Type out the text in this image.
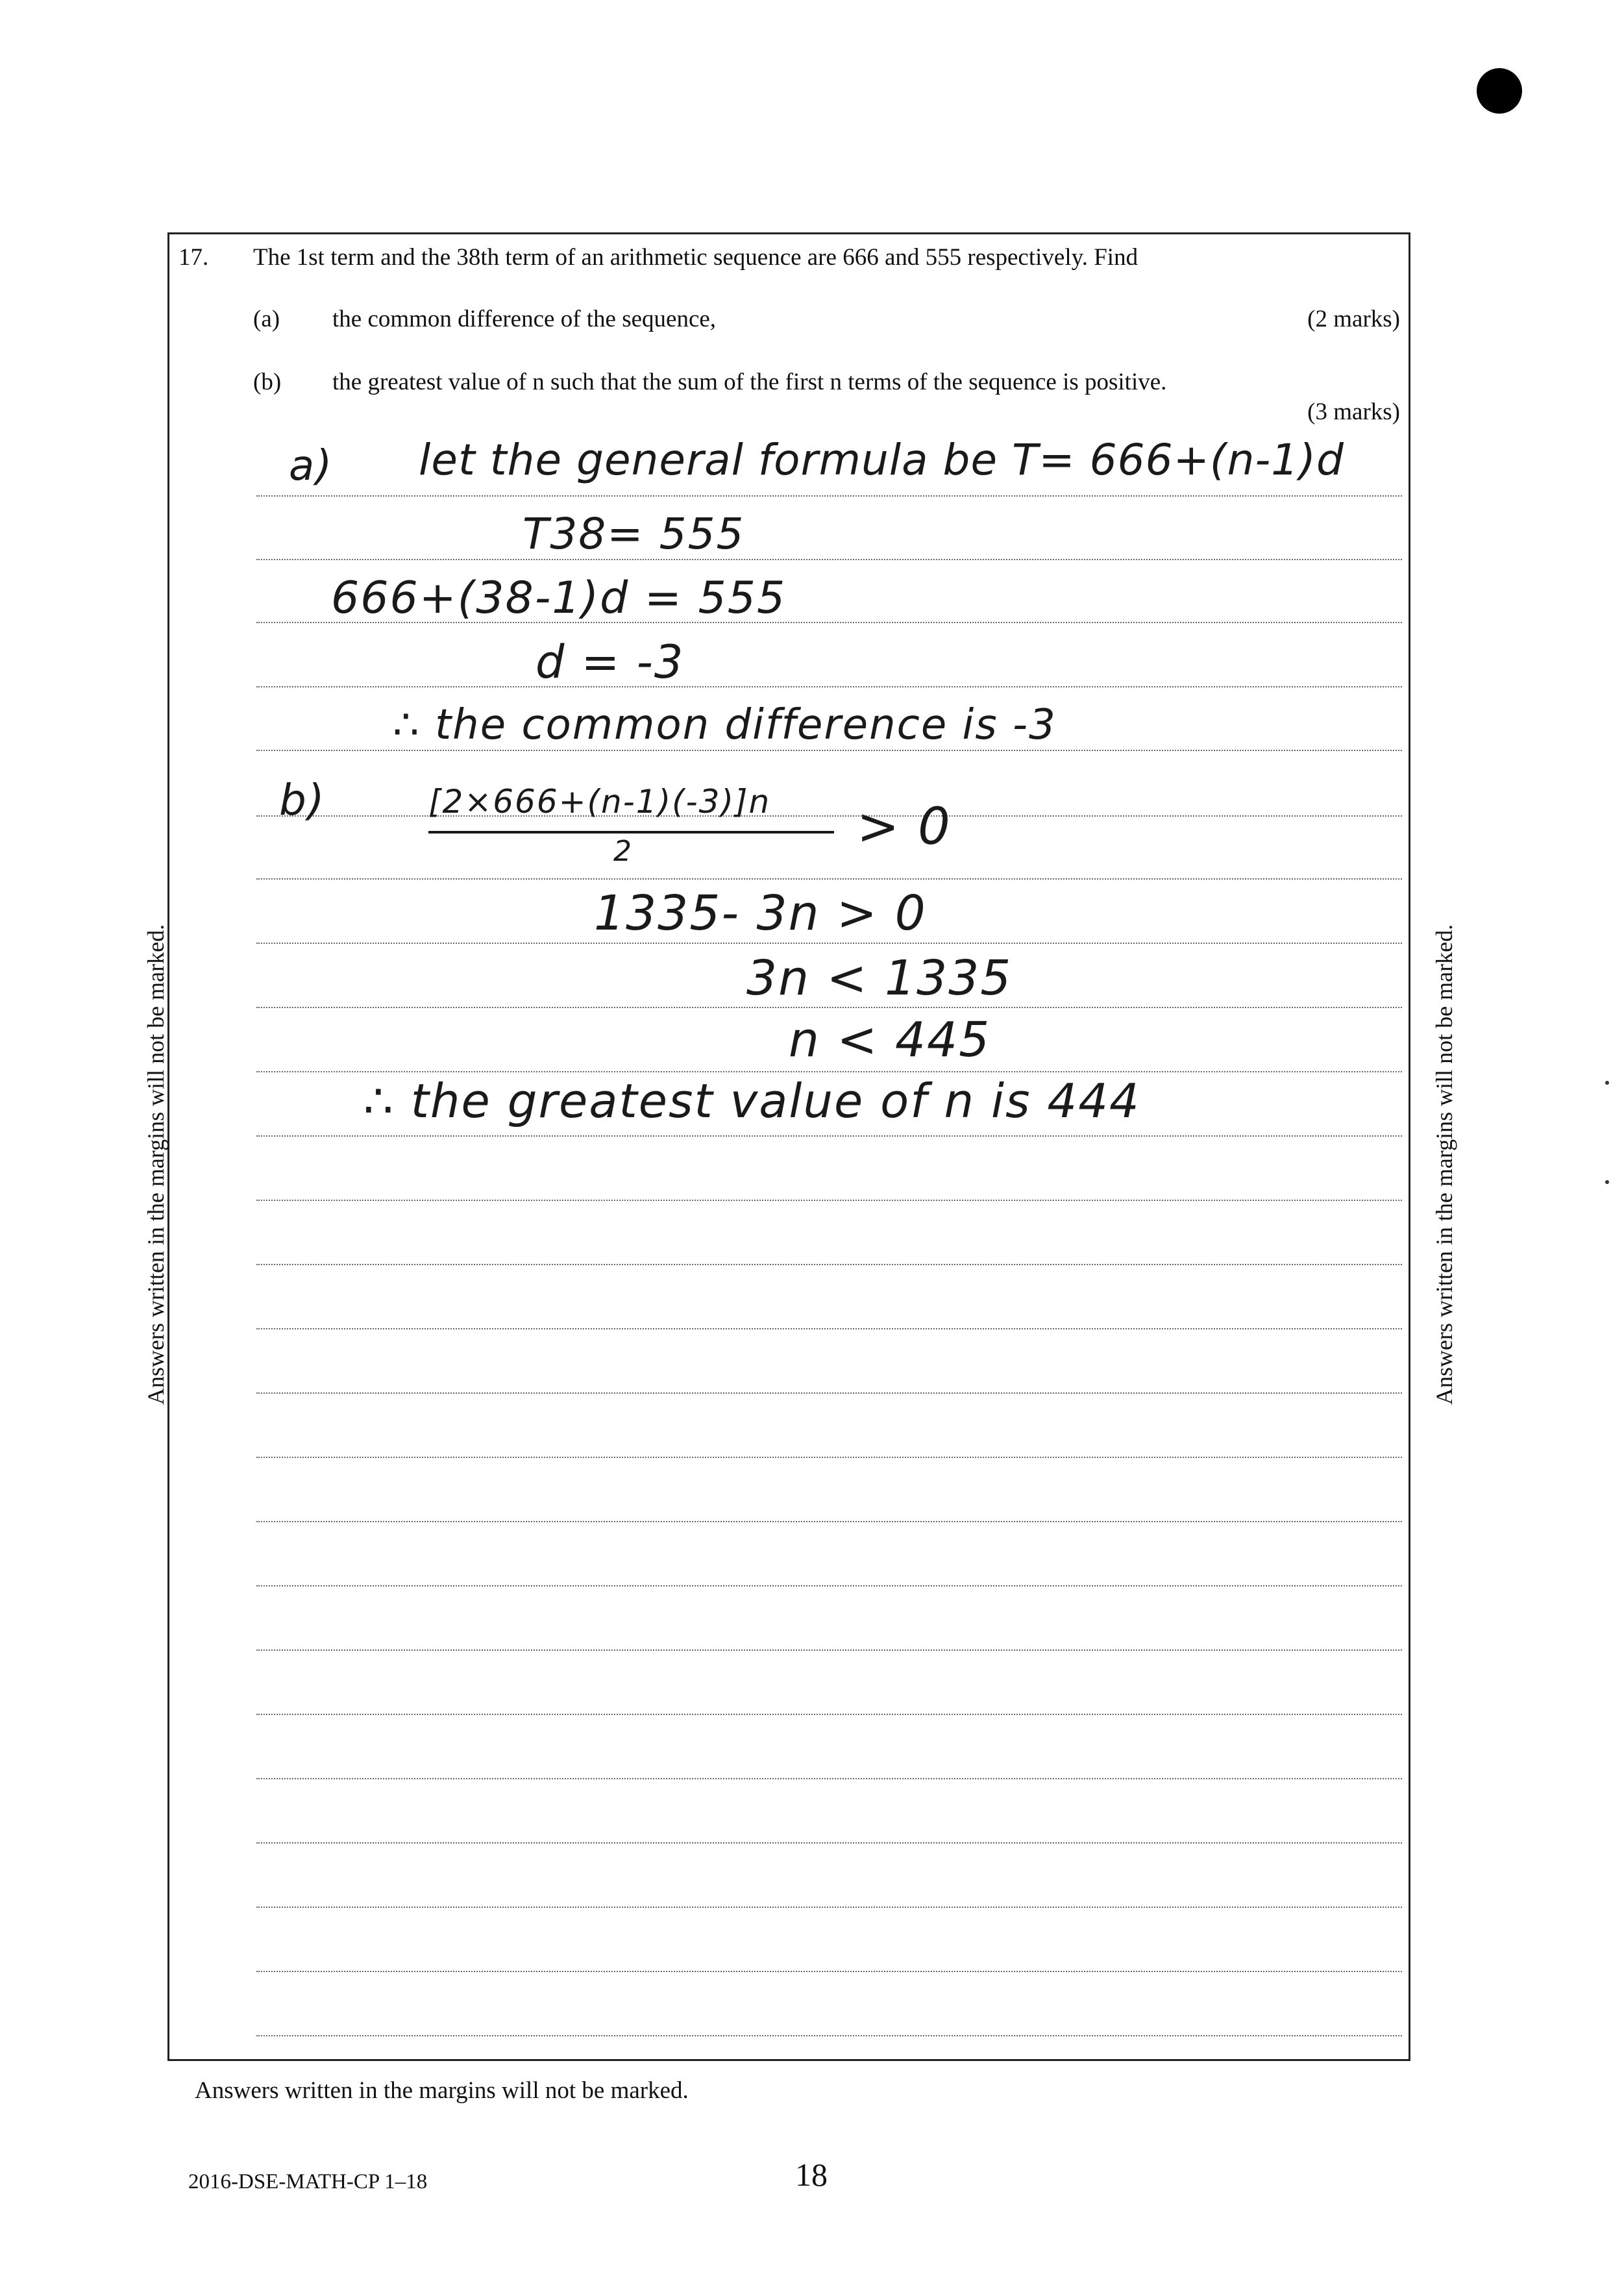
17. The 1st term and the 38th term of an arithmetic sequence are 666 and 555 respectively. Find
(a) the common difference of the sequence,	(2 marks)
(b) the greatest value of n such that the sum of the first n terms of the sequence is positive.
(3 marks)
a) let the general formula be T= 666+(n-1)d
T38= 555
666+(38-1)d = 555
d = -3
∴ the common difference is -3
b)	[2×666+(n-1)(-3)]n
2	> 0
1335- 3n > 0
3n < 1335
n < 445
∴ the greatest value of n is 444
Answers written in the margins will not be marked.	Answers written in the margins will not be marked.
Answers written in the margins will not be marked.
2016-DSE-MATH-CP 1–18	18
